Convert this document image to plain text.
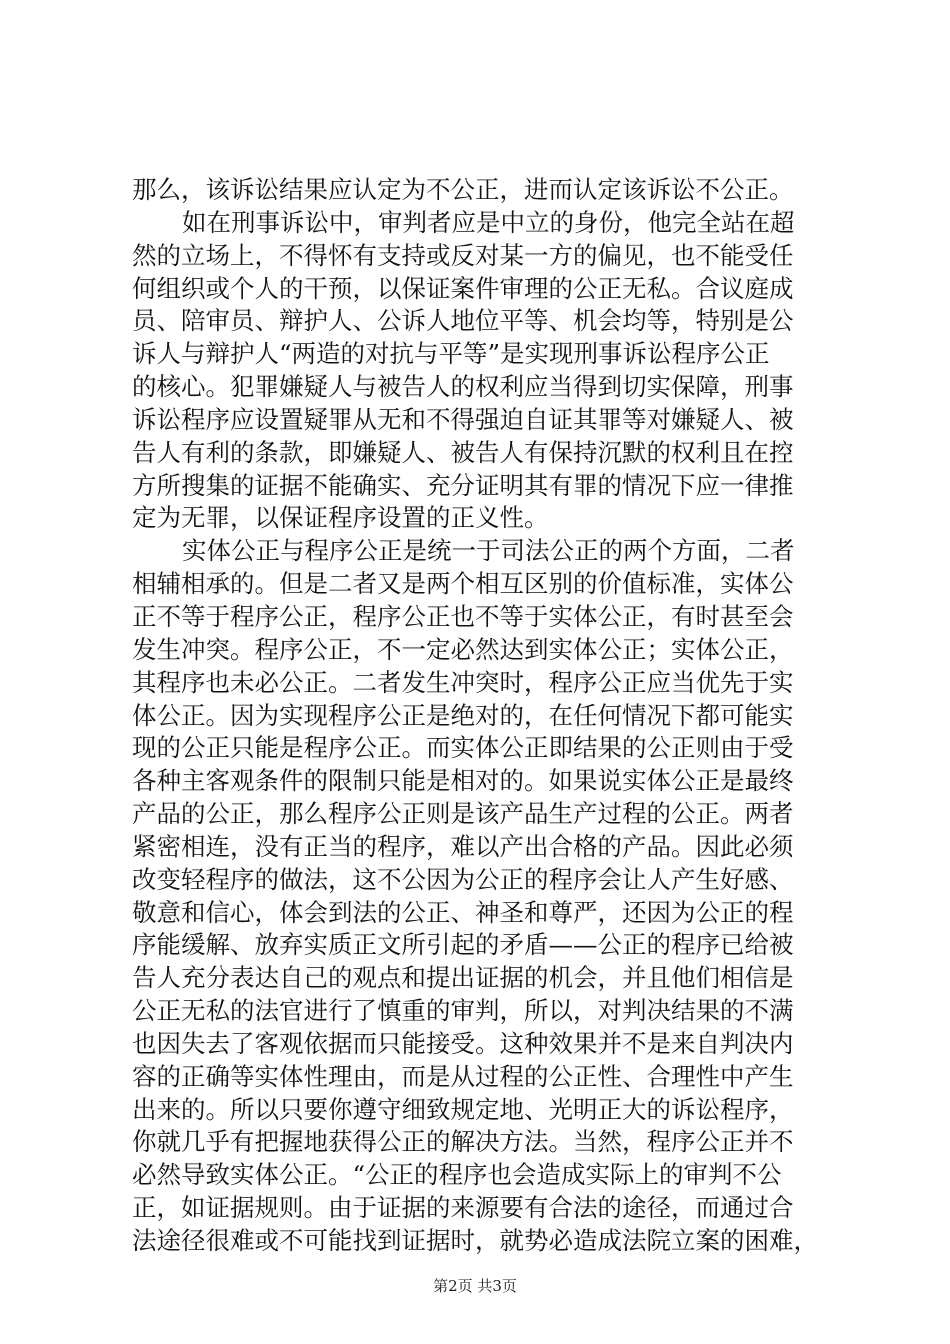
那么，该诉讼结果应认定为不公正，进而认定该诉讼不公正。
如在刑事诉讼中，审判者应是中立的身份，他完全站在超
然的立场上，不得怀有支持或反对某一方的偏见，也不能受任
何组织或个人的干预，以保证案件审理的公正无私。合议庭成
员、陪审员、辩护人、公诉人地位平等、机会均等，特别是公
诉人与辩护人“两造的对抗与平等”是实现刑事诉讼程序公正
的核心。犯罪嫌疑人与被告人的权利应当得到切实保障，刑事
诉讼程序应设置疑罪从无和不得强迫自证其罪等对嫌疑人、被
告人有利的条款，即嫌疑人、被告人有保持沉默的权利且在控
方所搜集的证据不能确实、充分证明其有罪的情况下应一律推
定为无罪，以保证程序设置的正义性。
实体公正与程序公正是统一于司法公正的两个方面，二者
相辅相承的。但是二者又是两个相互区别的价值标准，实体公
正不等于程序公正，程序公正也不等于实体公正，有时甚至会
发生冲突。程序公正，不一定必然达到实体公正；实体公正，
其程序也未必公正。二者发生冲突时，程序公正应当优先于实
体公正。因为实现程序公正是绝对的，在任何情况下都可能实
现的公正只能是程序公正。而实体公正即结果的公正则由于受
各种主客观条件的限制只能是相对的。如果说实体公正是最终
产品的公正，那么程序公正则是该产品生产过程的公正。两者
紧密相连，没有正当的程序，难以产出合格的产品。因此必须
改变轻程序的做法，这不公因为公正的程序会让人产生好感、
敬意和信心，体会到法的公正、神圣和尊严，还因为公正的程
序能缓解、放弃实质正文所引起的矛盾——公正的程序已给被
告人充分表达自己的观点和提出证据的机会，并且他们相信是
公正无私的法官进行了慎重的审判，所以，对判决结果的不满
也因失去了客观依据而只能接受。这种效果并不是来自判决内
容的正确等实体性理由，而是从过程的公正性、合理性中产生
出来的。所以只要你遵守细致规定地、光明正大的诉讼程序，
你就几乎有把握地获得公正的解决方法。当然，程序公正并不
必然导致实体公正。“公正的程序也会造成实际上的审判不公
正，如证据规则。由于证据的来源要有合法的途径，而通过合
法途径很难或不可能找到证据时，就势必造成法院立案的困难，
第2页 共3页
